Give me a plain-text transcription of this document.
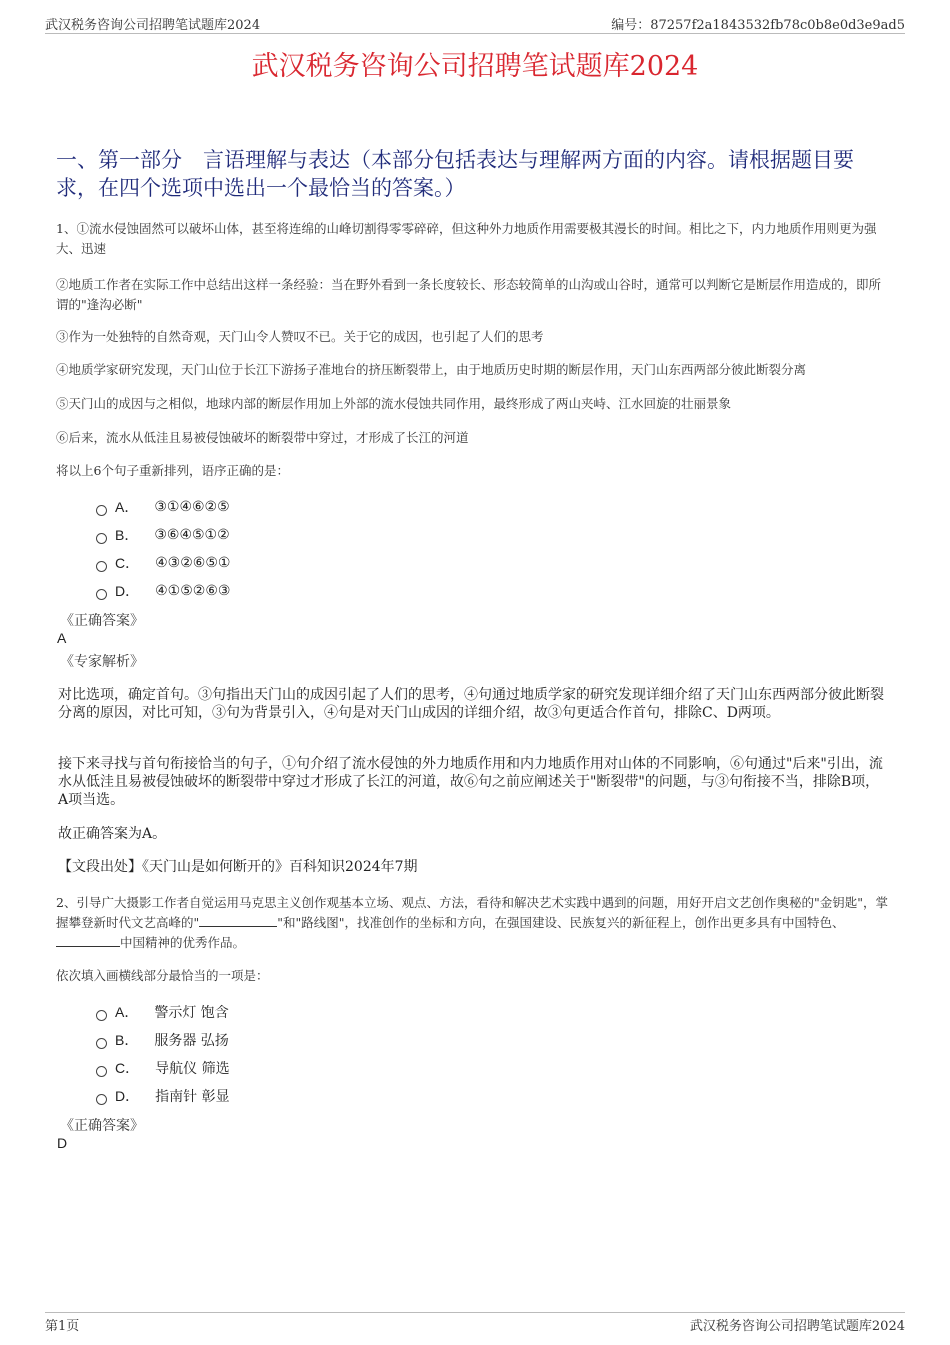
武汉税务咨询公司招聘笔试题库2024	编号：87257f2a1843532fb78c0b8e0d3e9ad5
武汉税务咨询公司招聘笔试题库2024
一、第一部分　言语理解与表达（本部分包括表达与理解两方面的内容。请根据题目要求，在四个选项中选出一个最恰当的答案。）
1、①流水侵蚀固然可以破坏山体，甚至将连绵的山峰切割得零零碎碎，但这种外力地质作用需要极其漫长的时间。相比之下，内力地质作用则更为强大、迅速
②地质工作者在实际工作中总结出这样一条经验：当在野外看到一条长度较长、形态较简单的山沟或山谷时，通常可以判断它是断层作用造成的，即所谓的"逢沟必断"
③作为一处独特的自然奇观，天门山令人赞叹不已。关于它的成因，也引起了人们的思考
④地质学家研究发现，天门山位于长江下游扬子准地台的挤压断裂带上，由于地质历史时期的断层作用，天门山东西两部分彼此断裂分离
⑤天门山的成因与之相似，地球内部的断层作用加上外部的流水侵蚀共同作用，最终形成了两山夹峙、江水回旋的壮丽景象
⑥后来，流水从低洼且易被侵蚀破坏的断裂带中穿过，才形成了长江的河道
将以上6个句子重新排列，语序正确的是：
A． ③①④⑥②⑤
B． ③⑥④⑤①②
C． ④③②⑥⑤①
D． ④①⑤②⑥③
《正确答案》
A
《专家解析》
对比选项，确定首句。③句指出天门山的成因引起了人们的思考，④句通过地质学家的研究发现详细介绍了天门山东西两部分彼此断裂分离的原因，对比可知，③句为背景引入，④句是对天门山成因的详细介绍，故③句更适合作首句，排除C、D两项。
接下来寻找与首句衔接恰当的句子，①句介绍了流水侵蚀的外力地质作用和内力地质作用对山体的不同影响，⑥句通过"后来"引出，流水从低洼且易被侵蚀破坏的断裂带中穿过才形成了长江的河道，故⑥句之前应阐述关于"断裂带"的问题，与③句衔接不当，排除B项，A项当选。
故正确答案为A。
【文段出处】《天门山是如何断开的》百科知识2024年7期
2、引导广大摄影工作者自觉运用马克思主义创作观基本立场、观点、方法，看待和解决艺术实践中遇到的问题，用好开启文艺创作奥秘的"金钥匙"，掌握攀登新时代文艺高峰的"	"和"路线图"，找准创作的坐标和方向，在强国建设、民族复兴的新征程上，创作出更多具有中国特色、中国精神的优秀作品。
依次填入画横线部分最恰当的一项是：
A． 警示灯 饱含
B． 服务器 弘扬
C． 导航仪 筛选
D． 指南针 彰显
《正确答案》
D
第1页	武汉税务咨询公司招聘笔试题库2024
